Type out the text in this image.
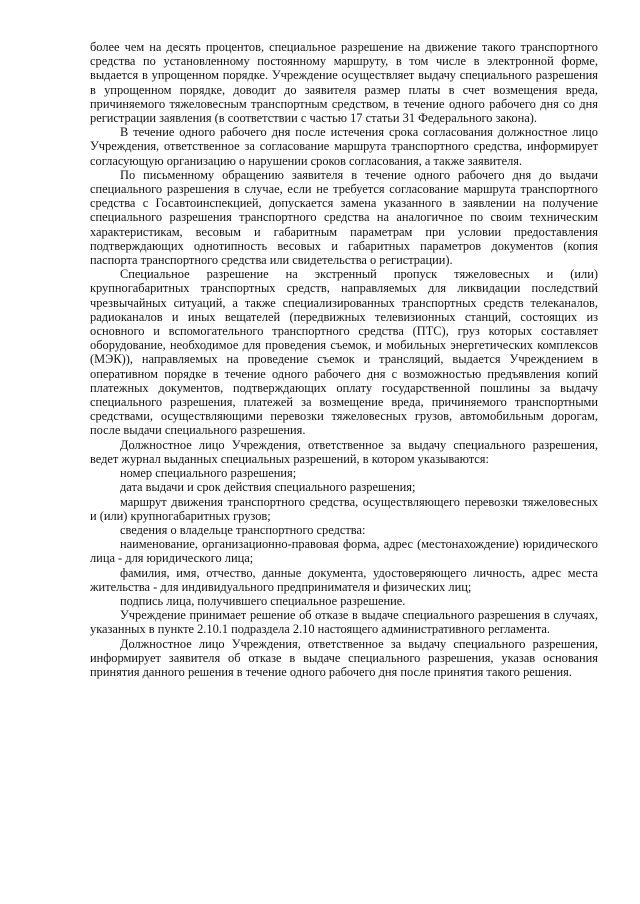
более чем на десять процентов, специальное разрешение на движение такого транспортного средства по установленному постоянному маршруту, в том числе в электронной форме, выдается в упрощенном порядке. Учреждение осуществляет выдачу специального разрешения в упрощенном порядке, доводит до заявителя размер платы в счет возмещения вреда, причиняемого тяжеловесным транспортным средством, в течение одного рабочего дня со дня регистрации заявления (в соответствии с частью 17 статьи 31 Федерального закона).

В течение одного рабочего дня после истечения срока согласования должностное лицо Учреждения, ответственное за согласование маршрута транспортного средства, информирует согласующую организацию о нарушении сроков согласования, а также заявителя.

По письменному обращению заявителя в течение одного рабочего дня до выдачи специального разрешения в случае, если не требуется согласование маршрута транспортного средства с Госавтоинспекцией, допускается замена указанного в заявлении на получение специального разрешения транспортного средства на аналогичное по своим техническим характеристикам, весовым и габаритным параметрам при условии предоставления подтверждающих однотипность весовых и габаритных параметров документов (копия паспорта транспортного средства или свидетельства о регистрации).

Специальное разрешение на экстренный пропуск тяжеловесных и (или) крупногабаритных транспортных средств, направляемых для ликвидации последствий чрезвычайных ситуаций, а также специализированных транспортных средств телеканалов, радиоканалов и иных вещателей (передвижных телевизионных станций, состоящих из основного и вспомогательного транспортного средства (ПТС), груз которых составляет оборудование, необходимое для проведения съемок, и мобильных энергетических комплексов (МЭК)), направляемых на проведение съемок и трансляций, выдается Учреждением в оперативном порядке в течение одного рабочего дня с возможностью предъявления копий платежных документов, подтверждающих оплату государственной пошлины за выдачу специального разрешения, платежей за возмещение вреда, причиняемого транспортными средствами, осуществляющими перевозки тяжеловесных грузов, автомобильным дорогам, после выдачи специального разрешения.

Должностное лицо Учреждения, ответственное за выдачу специального разрешения, ведет журнал выданных специальных разрешений, в котором указываются:

номер специального разрешения;

дата выдачи и срок действия специального разрешения;

маршрут движения транспортного средства, осуществляющего перевозки тяжеловесных и (или) крупногабаритных грузов;

сведения о владельце транспортного средства:

наименование, организационно-правовая форма, адрес (местонахождение) юридического лица - для юридического лица;

фамилия, имя, отчество, данные документа, удостоверяющего личность, адрес места жительства - для индивидуального предпринимателя и физических лиц;

подпись лица, получившего специальное разрешение.

Учреждение принимает решение об отказе в выдаче специального разрешения в случаях, указанных в пункте 2.10.1 подраздела 2.10 настоящего административного регламента.

Должностное лицо Учреждения, ответственное за выдачу специального разрешения, информирует заявителя об отказе в выдаче специального разрешения, указав основания принятия данного решения в течение одного рабочего дня после принятия такого решения.
